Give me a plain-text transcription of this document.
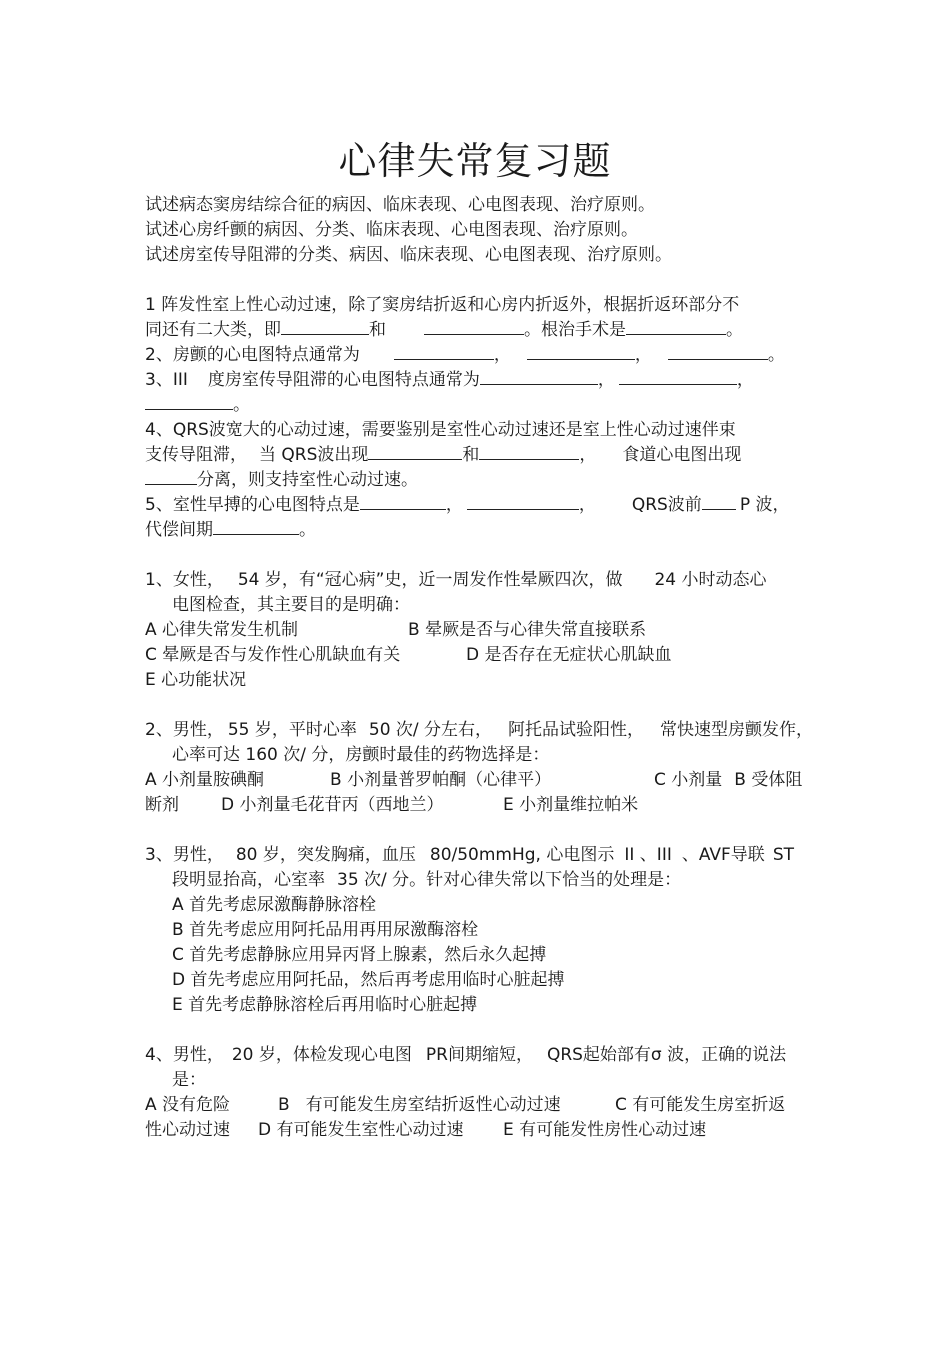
心律失常复习题
试述病态窦房结综合征的病因、临床表现、心电图表现、治疗原则。
试述心房纤颤的病因、分类、临床表现、心电图表现、治疗原则。
试述房室传导阻滞的分类、病因、临床表现、心电图表现、治疗原则。
1 阵发性室上性心动过速，除了窦房结折返和心房内折返外，根据折返环部分不
同还有二大类，即	和	。根治手术是	。
2、房颤的心电图特点通常为	，	，	。
3、III 度房室传导阻滞的心电图特点通常为	，	，
。
4、QRS波宽大的心动过速，需要鉴别是室性心动过速还是室上性心动过速伴束
支传导阻滞， 当 QRS波出现	和	， 食道心电图出现
分离，则支持室性心动过速。
5、室性早搏的心电图特点是	，	， QRS波前 P 波，
代偿间期	。
1、女性， 54 岁，有“冠心病”史，近一周发作性晕厥四次，做 24 小时动态心
电图检查，其主要目的是明确：
A 心律失常发生机制	B 晕厥是否与心律失常直接联系
C 晕厥是否与发作性心肌缺血有关	D 是否存在无症状心肌缺血
E 心功能状况
2、男性， 55 岁，平时心率 50 次/ 分左右， 阿托品试验阳性， 常快速型房颤发作，
心率可达 160 次/ 分，房颤时最佳的药物选择是：
A 小剂量胺碘酮	B 小剂量普罗帕酮（心律平）	C 小剂量 B 受体阻
断剂 D 小剂量毛花苷丙（西地兰）	E 小剂量维拉帕米
3、男性， 80 岁，突发胸痛，血压 80/50mmHg, 心电图示 II 、III 、AVF导联 ST
段明显抬高，心室率 35 次/ 分。针对心律失常以下恰当的处理是：
A 首先考虑尿激酶静脉溶栓
B 首先考虑应用阿托品用再用尿激酶溶栓
C 首先考虑静脉应用异丙肾上腺素，然后永久起搏
D 首先考虑应用阿托品，然后再考虑用临时心脏起搏
E 首先考虑静脉溶栓后再用临时心脏起搏
4、男性， 20 岁，体检发现心电图 PR间期缩短， QRS起始部有σ 波，正确的说法
是：
A 没有危险	B 有可能发生房室结折返性心动过速	C 有可能发生房室折返
性心动过速 D 有可能发生室性心动过速 E 有可能发性房性心动过速
